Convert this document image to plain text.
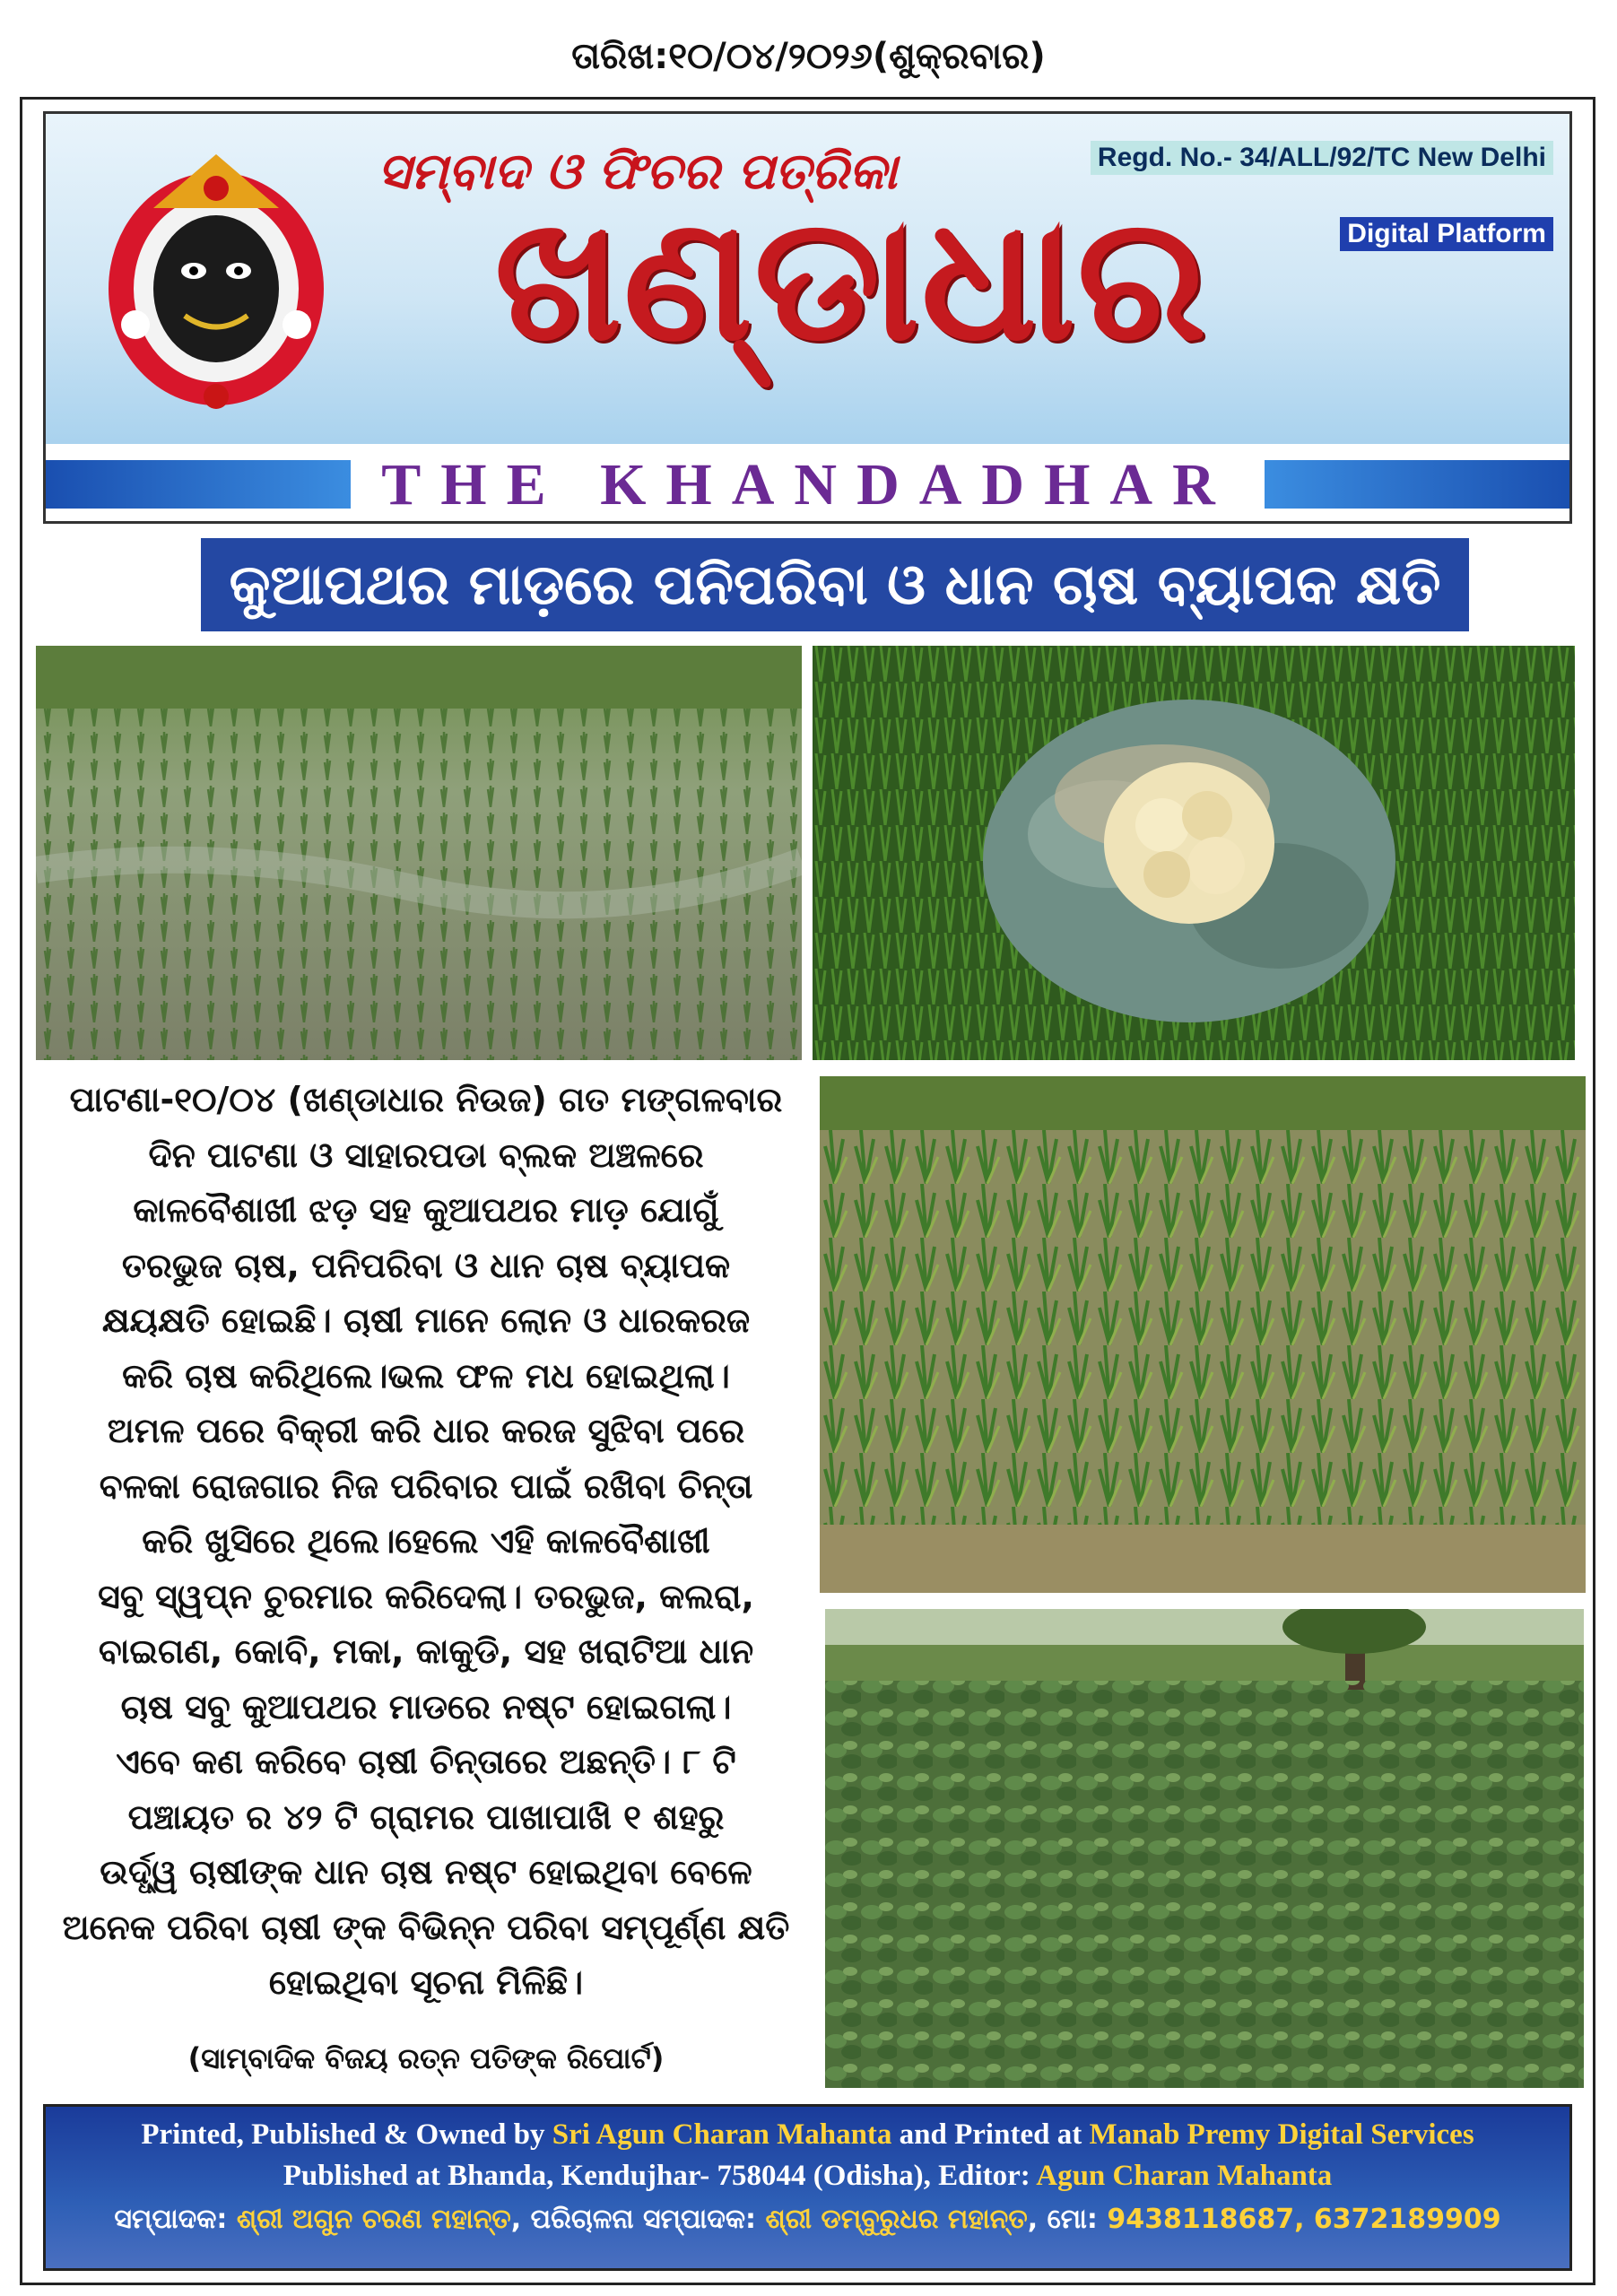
ତାରିଖ:୧୦/୦୪/୨୦୨୬(ଶୁକ୍ରବାର)
ସମ୍ବାଦ ଓ ଫିଚର ପତ୍ରିକା
ଖଣ୍ଡାଧାର
Regd. No.- 34/ALL/92/TC New Delhi
Digital Platform
THE KHANDADHAR
କୁଆପଥର ମାଡ଼ରେ ପନିପରିବା ଓ ଧାନ ଚାଷ ବ୍ୟାପକ କ୍ଷତି

ପାଟଣା-୧୦/୦୪ (ଖଣ୍ଡାଧାର ନିଉଜ) ଗତ ମଙ୍ଗଳବାର

ଦିନ ପାଟଣା ଓ ସାହାରପଡା ବ୍ଲକ ଅଞ୍ଚଳରେ

କାଳବୈଶାଖୀ ଝଡ଼ ସହ କୁଆପଥର ମାଡ଼ ଯୋଗୁଁ

ତରଭୁଜ ଚାଷ, ପନିପରିବା ଓ ଧାନ ଚାଷ ବ୍ୟାପକ

କ୍ଷୟକ୍ଷତି ହୋଇଛି। ଚାଷୀ ମାନେ ଲୋନ ଓ ଧାରକରଜ

କରି ଚାଷ କରିଥିଲେ।ଭଲ ଫଳ ମଧ ହୋଇଥିଲା।

ଅମଳ ପରେ ବିକ୍ରୀ କରି ଧାର କରଜ ସୁଝିବା ପରେ

ବଳକା ରୋଜଗାର ନିଜ ପରିବାର ପାଇଁ ରଖିବା ଚିନ୍ତା

କରି ଖୁସିରେ ଥିଲେ।ହେଲେ ଏହି କାଳବୈଶାଖୀ

ସବୁ ସ୍ୱପ୍ନ ଚୁରମାର କରିଦେଲା। ତରଭୁଜ, କଲରା,

ବାଇଗଣ, କୋବି, ମକା, କାକୁଡି, ସହ ଖରାଟିଆ ଧାନ

ଚାଷ ସବୁ କୁଆପଥର ମାଡରେ ନଷ୍ଟ ହୋଇଗଲା।

ଏବେ କଣ କରିବେ ଚାଷୀ ଚିନ୍ତାରେ ଅଛନ୍ତି। ୮ ଟି

ପଞ୍ଚାୟତ ର ୪୨ ଟି ଗ୍ରାମର ପାଖାପାଖି ୧ ଶହରୁ

ଉର୍ଦ୍ଧ୍ୱ ଚାଷୀଙ୍କ ଧାନ ଚାଷ ନଷ୍ଟ ହୋଇଥିବା ବେଳେ

ଅନେକ ପରିବା ଚାଷୀ ଙ୍କ ବିଭିନ୍ନ ପରିବା ସମ୍ପୂର୍ଣ୍ଣ କ୍ଷତି

ହୋଇଥିବା ସୂଚନା ମିଳିଛି।

(ସାମ୍ବାଦିକ ବିଜୟ ରତ୍ନ ପତିଙ୍କ ରିପୋର୍ଟ)
Printed, Published & Owned by Sri Agun Charan Mahanta and Printed at Manab Premy Digital Services
Published at Bhanda, Kendujhar- 758044 (Odisha), Editor: Agun Charan Mahanta
ସମ୍ପାଦକ: ଶ୍ରୀ ଅଗୁନ ଚରଣ ମହାନ୍ତ, ପରିଚାଳନା ସମ୍ପାଦକ: ଶ୍ରୀ ଡମ୍ବୁରୁଧର ମହାନ୍ତ, ମୋ: 9438118687, 6372189909
